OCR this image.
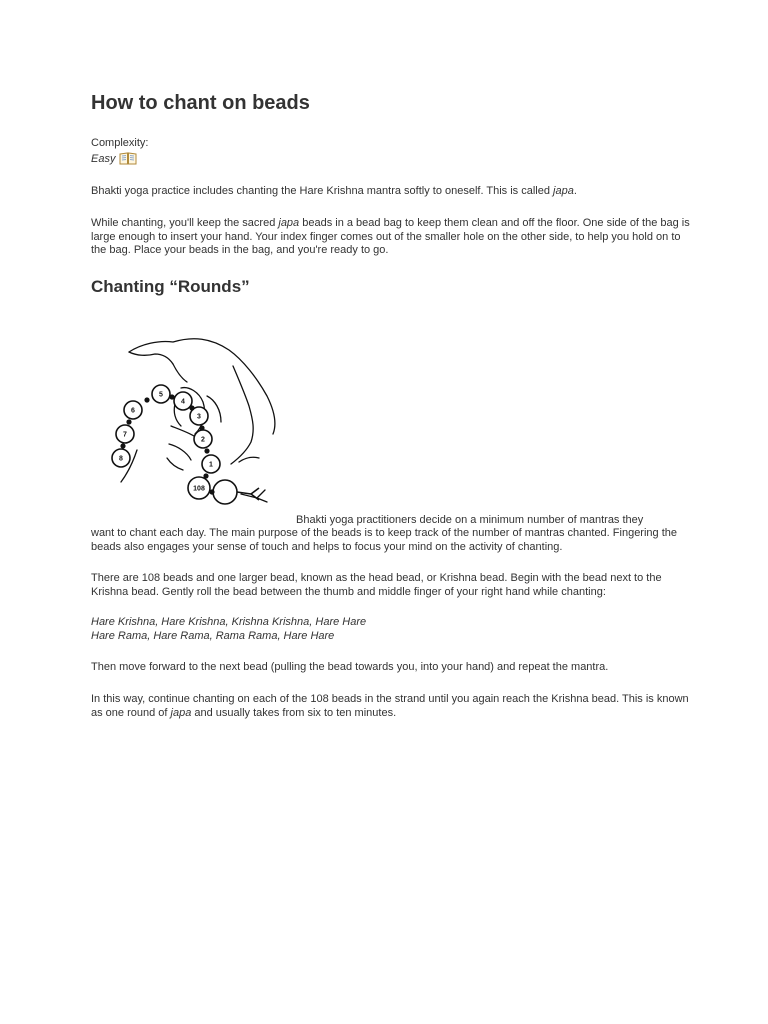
How to chant on beads
Complexity:
Easy

Bhakti yoga practice includes chanting the Hare Krishna mantra softly to oneself. This is called japa.

While chanting, you'll keep the sacred japa beads in a bead bag to keep them clean and off the floor. One side of the bag is large enough to insert your hand. Your index finger comes out of the smaller hole on the other side, to help you hold on to the bag. Place your beads in the bag, and you're ready to go.

Chanting “Rounds”
5
4
3
2
1
108
6
7
8

Bhakti yoga practitioners decide on a minimum number of mantras they

want to chant each day. The main purpose of the beads is to keep track of the number of mantras chanted. Fingering the beads also engages your sense of touch and helps to focus your mind on the activity of chanting.

There are 108 beads and one larger bead, known as the head bead, or Krishna bead. Begin with the bead next to the Krishna bead. Gently roll the bead between the thumb and middle finger of your right hand while chanting:

Hare Krishna, Hare Krishna, Krishna Krishna, Hare Hare
Hare Rama, Hare Rama, Rama Rama, Hare Hare

Then move forward to the next bead (pulling the bead towards you, into your hand) and repeat the mantra.

In this way, continue chanting on each of the 108 beads in the strand until you again reach the Krishna bead. This is known as one round of japa and usually takes from six to ten minutes.
